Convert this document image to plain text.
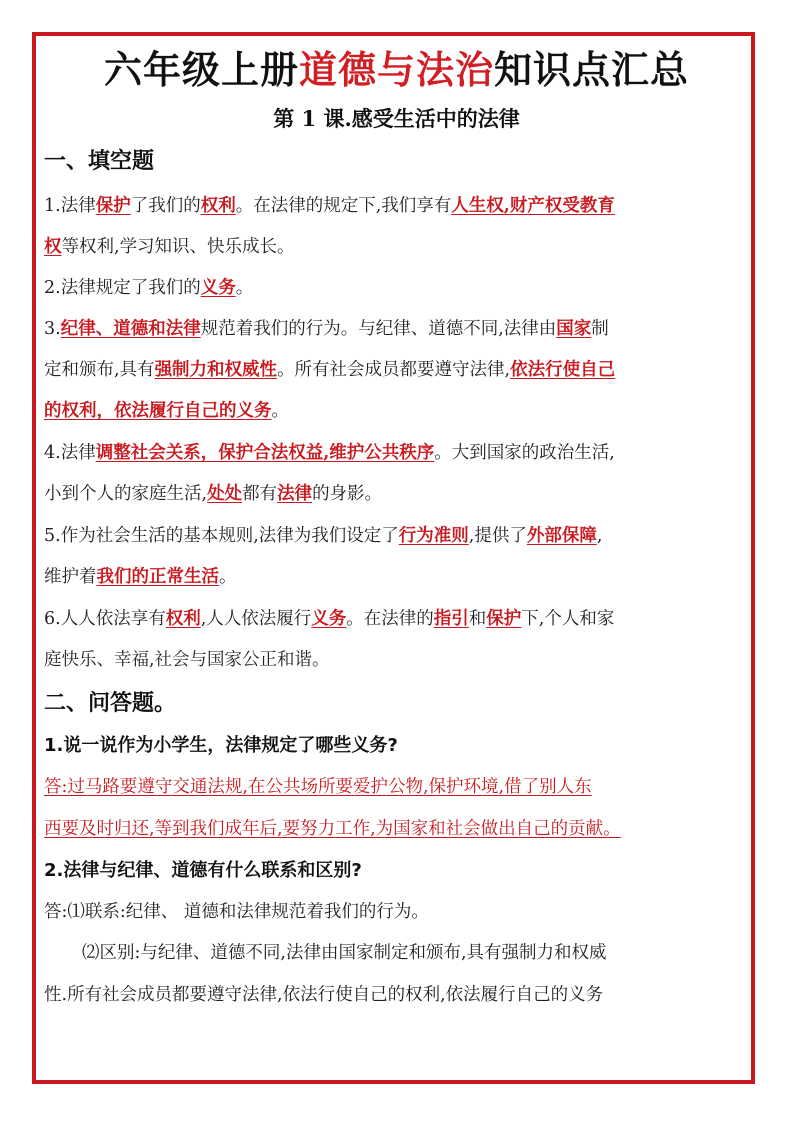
六年级上册道德与法治知识点汇总
第 1 课.感受生活中的法律
一、填空题
1.法律保护了我们的权利。在法律的规定下,我们享有人生权,财产权受教育
权等权利,学习知识、快乐成长。
2.法律规定了我们的义务。
3.纪律、道德和法律规范着我们的行为。与纪律、道德不同,法律由国家制
定和颁布,具有强制力和权威性。所有社会成员都要遵守法律,依法行使自己
的权利，依法履行自己的义务。
4.法律调整社会关系，保护合法权益,维护公共秩序。大到国家的政治生活,
小到个人的家庭生活,处处都有法律的身影。
5.作为社会生活的基本规则,法律为我们设定了行为准则,提供了外部保障,
维护着我们的正常生活。
6.人人依法享有权利,人人依法履行义务。在法律的指引和保护下,个人和家
庭快乐、幸福,社会与国家公正和谐。
二、问答题。
1.说一说作为小学生，法律规定了哪些义务?
答:过马路要遵守交通法规,在公共场所要爱护公物,保护环境,借了别人东
西要及时归还,等到我们成年后,要努力工作,为国家和社会做出自己的贡献。
2.法律与纪律、道德有什么联系和区别?
答:⑴联系:纪律、 道德和法律规范着我们的行为。
⑵区别:与纪律、道德不同,法律由国家制定和颁布,具有强制力和权威
性.所有社会成员都要遵守法律,依法行使自己的权利,依法履行自己的义务
